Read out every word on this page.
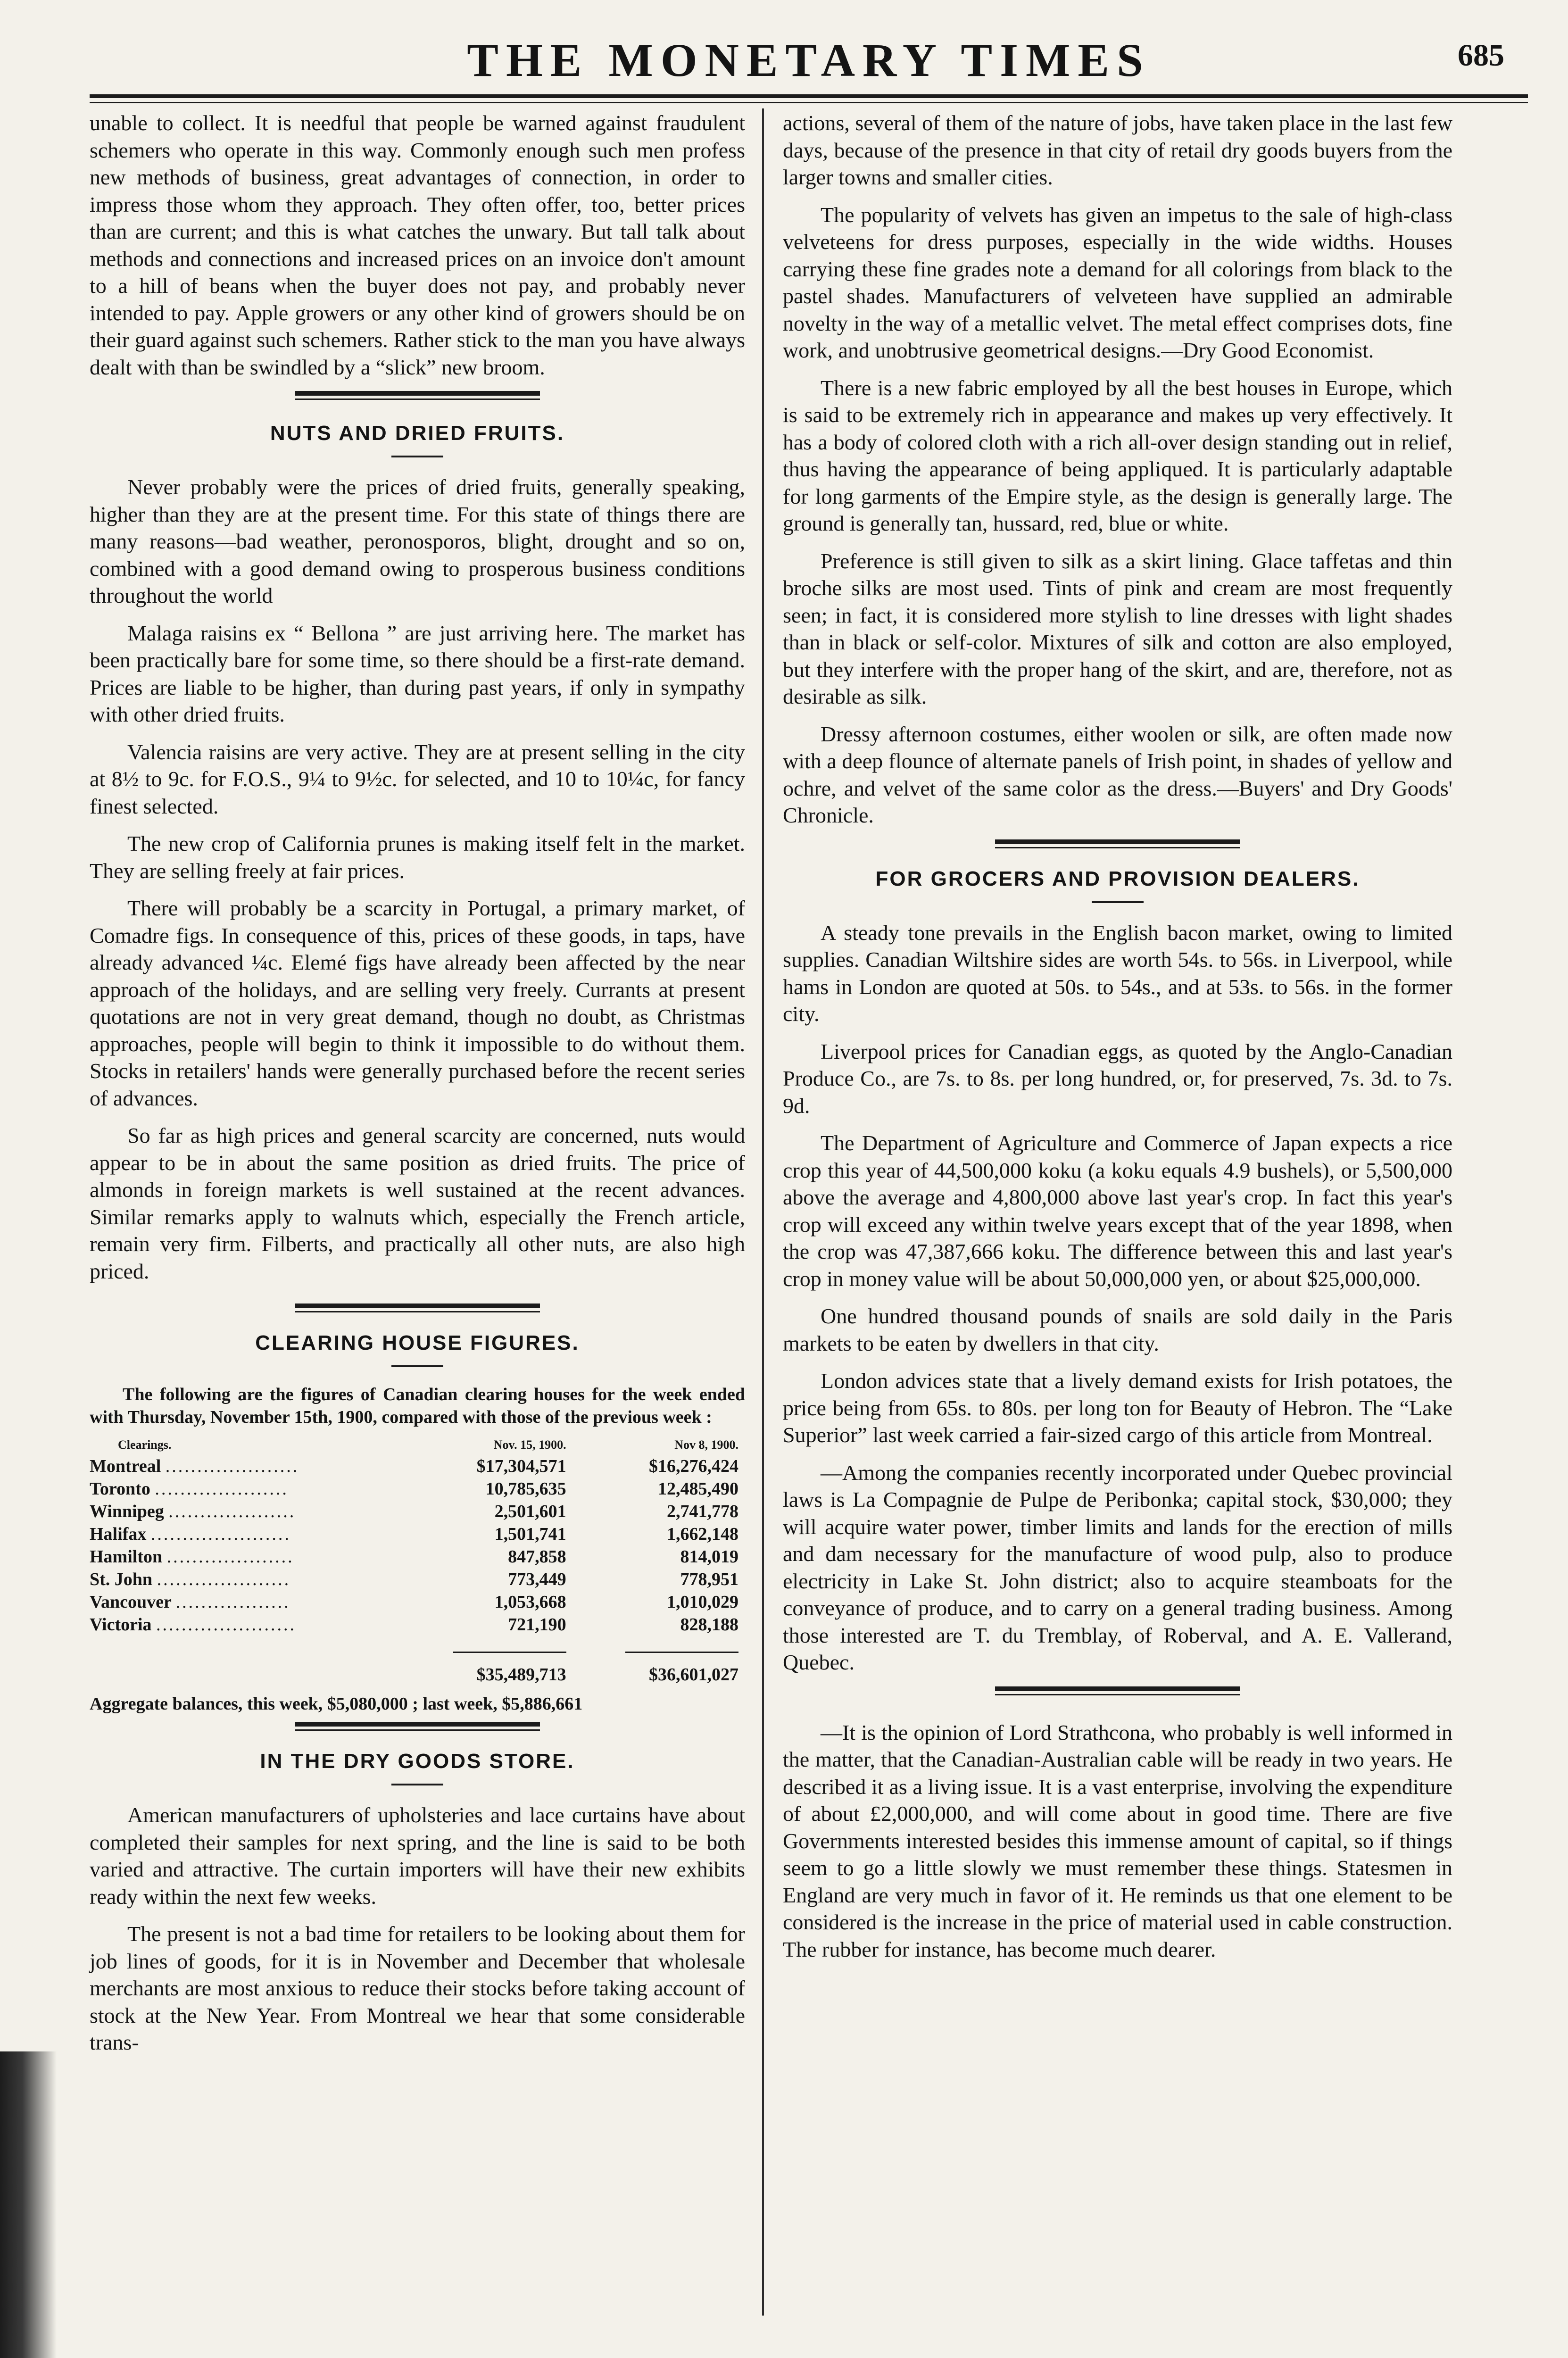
THE MONETARY TIMES	685

unable to collect. It is needful that people be warned against fraudulent schemers who operate in this way. Commonly enough such men profess new methods of business, great advantages of connection, in order to impress those whom they approach. They often offer, too, better prices than are current; and this is what catches the unwary. But tall talk about methods and connections and increased prices on an invoice don't amount to a hill of beans when the buyer does not pay, and probably never intended to pay. Apple growers or any other kind of growers should be on their guard against such schemers. Rather stick to the man you have always dealt with than be swindled by a “slick” new broom.

NUTS AND DRIED FRUITS.

Never probably were the prices of dried fruits, generally speaking, higher than they are at the present time. For this state of things there are many reasons—bad weather, peronosporos, blight, drought and so on, combined with a good demand owing to prosperous business conditions throughout the world

Malaga raisins ex “ Bellona ” are just arriving here. The market has been practically bare for some time, so there should be a first-rate demand. Prices are liable to be higher, than during past years, if only in sympathy with other dried fruits.

Valencia raisins are very active. They are at present selling in the city at 8½ to 9c. for F.O.S., 9¼ to 9½c. for selected, and 10 to 10¼c, for fancy finest selected.

The new crop of California prunes is making itself felt in the market. They are selling freely at fair prices.

There will probably be a scarcity in Portugal, a primary market, of Comadre figs. In consequence of this, prices of these goods, in taps, have already advanced ¼c. Elemé figs have already been affected by the near approach of the holidays, and are selling very freely. Currants at present quotations are not in very great demand, though no doubt, as Christmas approaches, people will begin to think it impossible to do without them. Stocks in retailers' hands were generally purchased before the recent series of advances.

So far as high prices and general scarcity are concerned, nuts would appear to be in about the same position as dried fruits. The price of almonds in foreign markets is well sustained at the recent advances. Similar remarks apply to walnuts which, especially the French article, remain very firm. Filberts, and practically all other nuts, are also high priced.

CLEARING HOUSE FIGURES.

The following are the figures of Canadian clearing houses for the week ended with Thursday, November 15th, 1900, compared with those of the previous week :

Clearings.	Nov. 15, 1900.	Nov 8, 1900.
Montreal .....................	$17,304,571	$16,276,424
Toronto .....................	10,785,635	12,485,490
Winnipeg ....................	2,501,601	2,741,778
Halifax ......................	1,501,741	1,662,148
Hamilton ....................	847,858	814,019
St. John .....................	773,449	778,951
Vancouver ..................	1,053,668	1,010,029
Victoria ......................	721,190	828,188

	$35,489,713	$36,601,027

Aggregate balances, this week, $5,080,000 ; last week, $5,886,661

IN THE DRY GOODS STORE.

American manufacturers of upholsteries and lace curtains have about completed their samples for next spring, and the line is said to be both varied and attractive. The curtain importers will have their new exhibits ready within the next few weeks.

The present is not a bad time for retailers to be looking about them for job lines of goods, for it is in November and December that wholesale merchants are most anxious to reduce their stocks before taking account of stock at the New Year. From Montreal we hear that some considerable trans-

actions, several of them of the nature of jobs, have taken place in the last few days, because of the presence in that city of retail dry goods buyers from the larger towns and smaller cities.

The popularity of velvets has given an impetus to the sale of high-class velveteens for dress purposes, especially in the wide widths. Houses carrying these fine grades note a demand for all colorings from black to the pastel shades. Manufacturers of velveteen have supplied an admirable novelty in the way of a metallic velvet. The metal effect comprises dots, fine work, and unobtrusive geometrical designs.—Dry Good Economist.

There is a new fabric employed by all the best houses in Europe, which is said to be extremely rich in appearance and makes up very effectively. It has a body of colored cloth with a rich all-over design standing out in relief, thus having the appearance of being appliqued. It is particularly adaptable for long garments of the Empire style, as the design is generally large. The ground is generally tan, hussard, red, blue or white.

Preference is still given to silk as a skirt lining. Glace taffetas and thin broche silks are most used. Tints of pink and cream are most frequently seen; in fact, it is considered more stylish to line dresses with light shades than in black or self-color. Mixtures of silk and cotton are also employed, but they interfere with the proper hang of the skirt, and are, therefore, not as desirable as silk.

Dressy afternoon costumes, either woolen or silk, are often made now with a deep flounce of alternate panels of Irish point, in shades of yellow and ochre, and velvet of the same color as the dress.—Buyers' and Dry Goods' Chronicle.

FOR GROCERS AND PROVISION DEALERS.

A steady tone prevails in the English bacon market, owing to limited supplies. Canadian Wiltshire sides are worth 54s. to 56s. in Liverpool, while hams in London are quoted at 50s. to 54s., and at 53s. to 56s. in the former city.

Liverpool prices for Canadian eggs, as quoted by the Anglo-Canadian Produce Co., are 7s. to 8s. per long hundred, or, for preserved, 7s. 3d. to 7s. 9d.

The Department of Agriculture and Commerce of Japan expects a rice crop this year of 44,500,000 koku (a koku equals 4.9 bushels), or 5,500,000 above the average and 4,800,000 above last year's crop. In fact this year's crop will exceed any within twelve years except that of the year 1898, when the crop was 47,387,666 koku. The difference between this and last year's crop in money value will be about 50,000,000 yen, or about $25,000,000.

One hundred thousand pounds of snails are sold daily in the Paris markets to be eaten by dwellers in that city.

London advices state that a lively demand exists for Irish potatoes, the price being from 65s. to 80s. per long ton for Beauty of Hebron. The “Lake Superior” last week carried a fair-sized cargo of this article from Montreal.

—Among the companies recently incorporated under Quebec provincial laws is La Compagnie de Pulpe de Peribonka; capital stock, $30,000; they will acquire water power, timber limits and lands for the erection of mills and dam necessary for the manufacture of wood pulp, also to produce electricity in Lake St. John district; also to acquire steamboats for the conveyance of produce, and to carry on a general trading business. Among those interested are T. du Tremblay, of Roberval, and A. E. Vallerand, Quebec.

—It is the opinion of Lord Strathcona, who probably is well informed in the matter, that the Canadian-Australian cable will be ready in two years. He described it as a living issue. It is a vast enterprise, involving the expenditure of about £2,000,000, and will come about in good time. There are five Governments interested besides this immense amount of capital, so if things seem to go a little slowly we must remember these things. Statesmen in England are very much in favor of it. He reminds us that one element to be considered is the increase in the price of material used in cable construction. The rubber for instance, has become much dearer.
